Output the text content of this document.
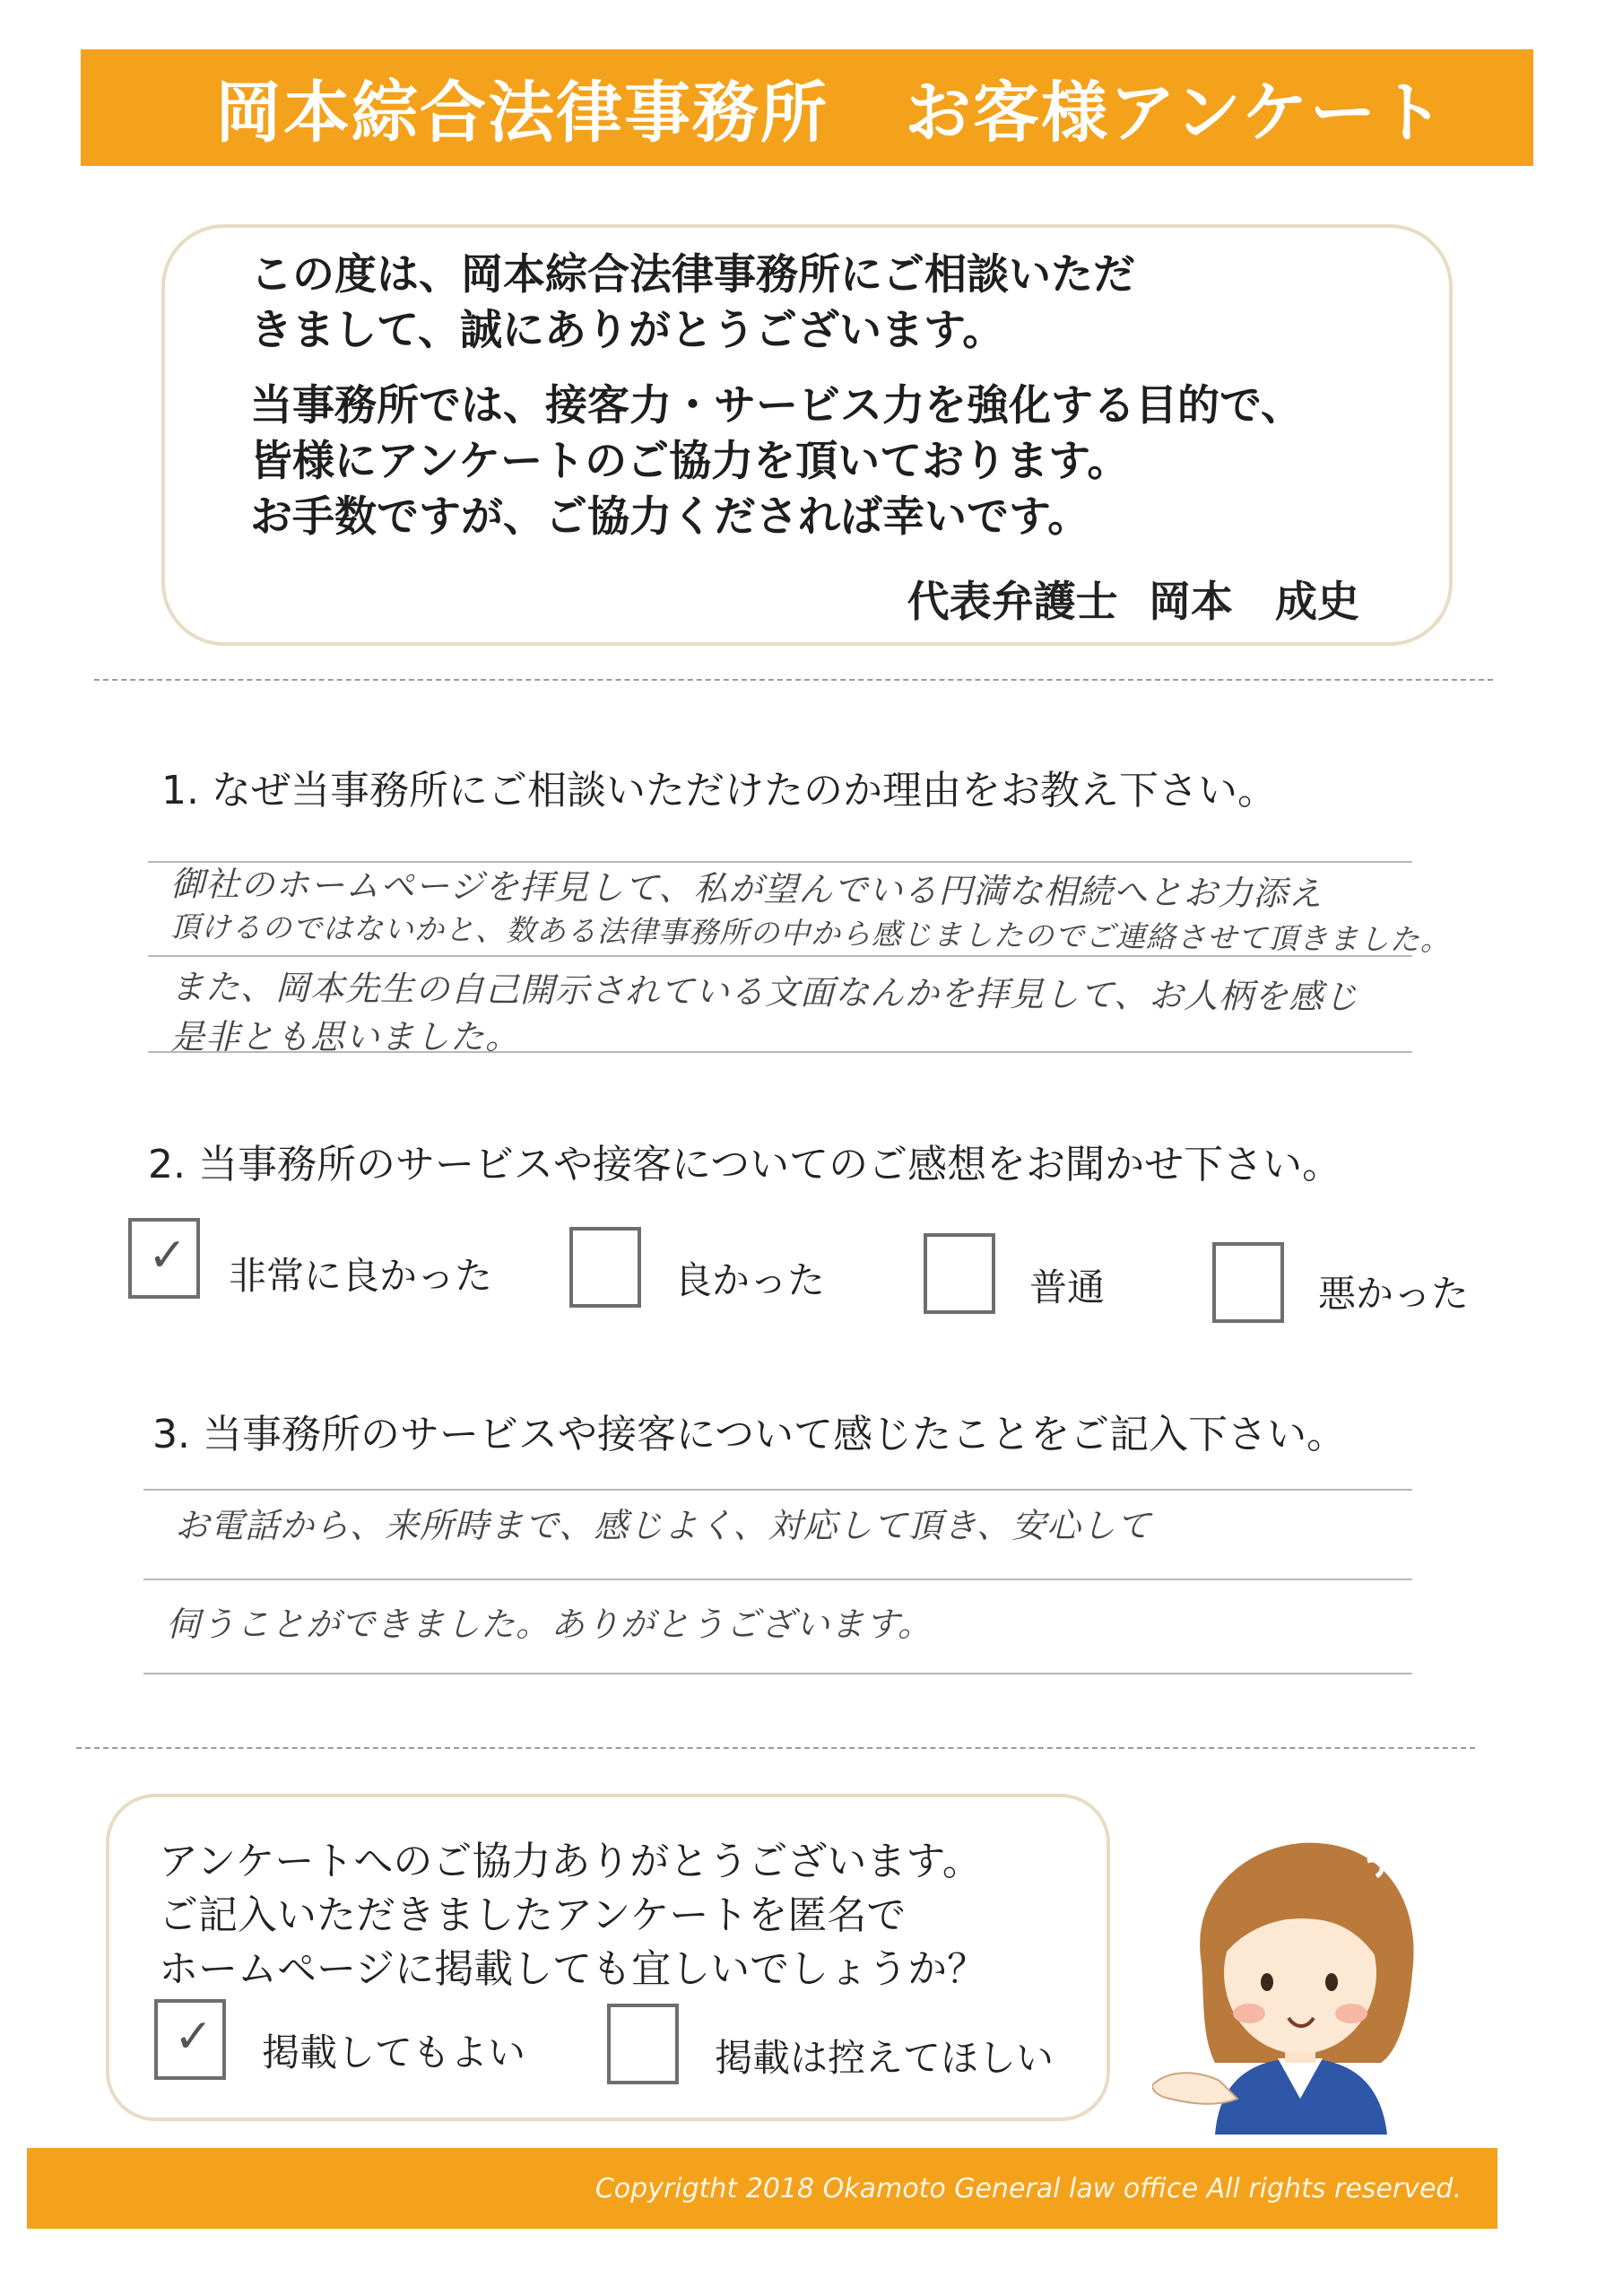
岡本綜合法律事務所 お客様アンケート

この度は、岡本綜合法律事務所にご相談いただ

きまして、誠にありがとうございます。

当事務所では、接客力・サービス力を強化する目的で、

皆様にアンケートのご協力を頂いております。

お手数ですが、ご協力くだされば幸いです。

代表弁護士 岡本　成史
1. なぜ当事務所にご相談いただけたのか理由をお教え下さい。
御社のホームページを拝見して、私が望んでいる円満な相続へとお力添え
頂けるのではないかと、数ある法律事務所の中から感じましたのでご連絡させて頂きました。
また、岡本先生の自己開示されている文面なんかを拝見して、お人柄を感じ
是非とも思いました。
2. 当事務所のサービスや接客についてのご感想をお聞かせ下さい。
✓ 非常に良かった	良かった	普通	悪かった
3. 当事務所のサービスや接客について感じたことをご記入下さい。
お電話から、来所時まで、感じよく、対応して頂き、安心して
伺うことができました。ありがとうございます。
アンケートへのご協力ありがとうございます。
ご記入いただきましたアンケートを匿名で
ホームページに掲載しても宜しいでしょうか？
✓ 掲載してもよい	掲載は控えてほしい
Copyrigtht 2018 Okamoto General law office All rights reserved.
